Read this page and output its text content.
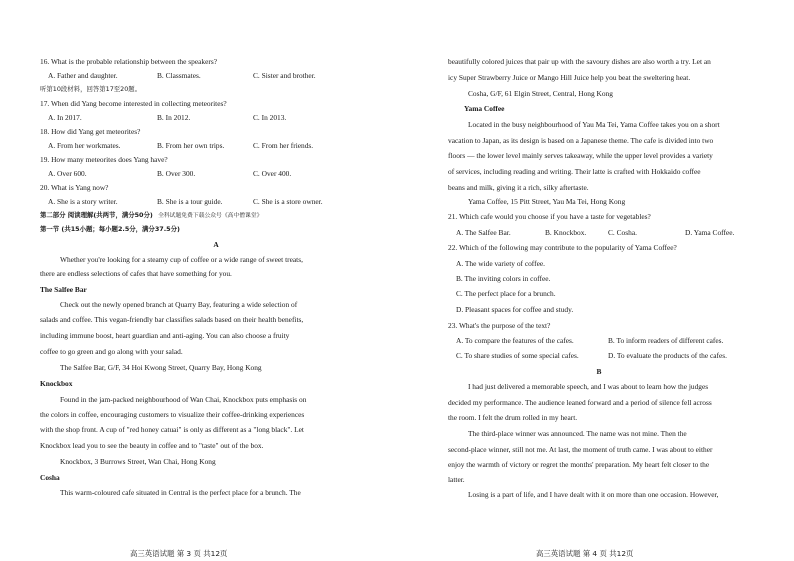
16. What is the probable relationship between the speakers?
A. Father and daughter.	B. Classmates.	C. Sister and brother.
听第10段材料，回答第17至20题。
17. When did Yang become interested in collecting meteorites?
A. In 2017.	B. In 2012.	C. In 2013.
18. How did Yang get meteorites?
A. From her workmates.	B. From her own trips.	C. From her friends.
19. How many meteorites does Yang have?
A. Over 600.	B. Over 300.	C. Over 400.
20. What is Yang now?
A. She is a story writer.	B. She is a tour guide.	C. She is a store owner.
第二部分 阅读理解(共两节，满分50分) 全科试题免费下载公众号《高中僧课堂》
第一节 (共15小题；每小题2.5分，满分37.5分)
A
Whether you're looking for a steamy cup of coffee or a wide range of sweet treats,
there are endless selections of cafes that have something for you.
The Salfee Bar
Check out the newly opened branch at Quarry Bay, featuring a wide selection of
salads and coffee. This vegan-friendly bar classifies salads based on their health benefits,
including immune boost, heart guardian and anti-aging. You can also choose a fruity
coffee to go green and go along with your salad.
The Salfee Bar, G/F, 34 Hoi Kwong Street, Quarry Bay, Hong Kong
Knockbox
Found in the jam-packed neighbourhood of Wan Chai, Knockbox puts emphasis on
the colors in coffee, encouraging customers to visualize their coffee-drinking experiences
with the shop front. A cup of "red honey catuai" is only as different as a "long black". Let
Knockbox lead you to see the beauty in coffee and to "taste" out of the box.
Knockbox, 3 Burrows Street, Wan Chai, Hong Kong
Cosha
This warm-coloured cafe situated in Central is the perfect place for a brunch. The
高三英语试题 第 3 页 共12页
beautifully colored juices that pair up with the savoury dishes are also worth a try. Let an
icy Super Strawberry Juice or Mango Hill Juice help you beat the sweltering heat.
Cosha, G/F, 61 Elgin Street, Central, Hong Kong
Yama Coffee
Located in the busy neighbourhood of Yau Ma Tei, Yama Coffee takes you on a short
vacation to Japan, as its design is based on a Japanese theme. The cafe is divided into two
floors — the lower level mainly serves takeaway, while the upper level provides a variety
of services, including reading and writing. Their latte is crafted with Hokkaido coffee
beans and milk, giving it a rich, silky aftertaste.
Yama Coffee, 15 Pitt Street, Yau Ma Tei, Hong Kong
21. Which cafe would you choose if you have a taste for vegetables?
A. The Salfee Bar.	B. Knockbox.	C. Cosha.	D. Yama Coffee.
22. Which of the following may contribute to the popularity of Yama Coffee?
A. The wide variety of coffee.
B. The inviting colors in coffee.
C. The perfect place for a brunch.
D. Pleasant spaces for coffee and study.
23. What's the purpose of the text?
A. To compare the features of the cafes.	B. To inform readers of different cafes.
C. To share studies of some special cafes.	D. To evaluate the products of the cafes.
B
I had just delivered a memorable speech, and I was about to learn how the judges
decided my performance. The audience leaned forward and a period of silence fell across
the room. I felt the drum rolled in my heart.
The third-place winner was announced. The name was not mine. Then the
second-place winner, still not me. At last, the moment of truth came. I was about to either
enjoy the warmth of victory or regret the months' preparation. My heart felt closer to the
latter.
Losing is a part of life, and I have dealt with it on more than one occasion. However,
高三英语试题 第 4 页 共12页
